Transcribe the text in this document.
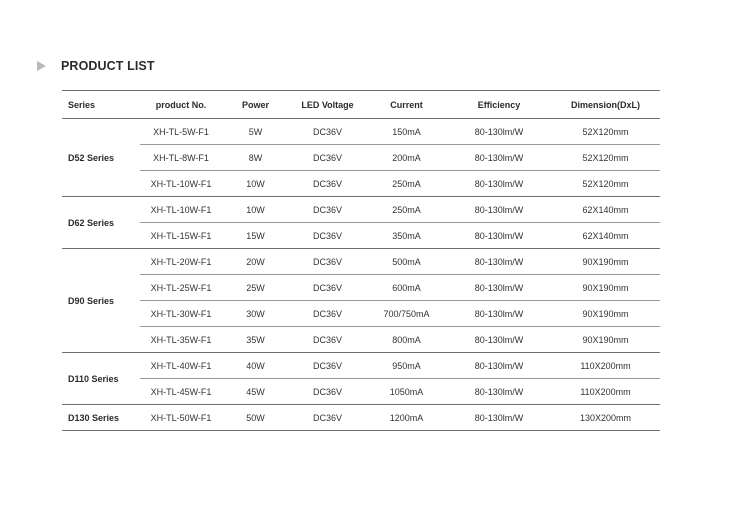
PRODUCT LIST
Series	product No.	Power	LED Voltage	Current	Efficiency	Dimension(DxL)
D52 Series	XH-TL-5W-F1	5W	DC36V	150mA	80-130lm/W	52X120mm
	XH-TL-8W-F1	8W	DC36V	200mA	80-130lm/W	52X120mm
	XH-TL-10W-F1	10W	DC36V	250mA	80-130lm/W	52X120mm
D62 Series	XH-TL-10W-F1	10W	DC36V	250mA	80-130lm/W	62X140mm
	XH-TL-15W-F1	15W	DC36V	350mA	80-130lm/W	62X140mm
D90 Series	XH-TL-20W-F1	20W	DC36V	500mA	80-130lm/W	90X190mm
	XH-TL-25W-F1	25W	DC36V	600mA	80-130lm/W	90X190mm
	XH-TL-30W-F1	30W	DC36V	700/750mA	80-130lm/W	90X190mm
	XH-TL-35W-F1	35W	DC36V	800mA	80-130lm/W	90X190mm
D110 Series	XH-TL-40W-F1	40W	DC36V	950mA	80-130lm/W	110X200mm
	XH-TL-45W-F1	45W	DC36V	1050mA	80-130lm/W	110X200mm
D130 Series	XH-TL-50W-F1	50W	DC36V	1200mA	80-130lm/W	130X200mm
